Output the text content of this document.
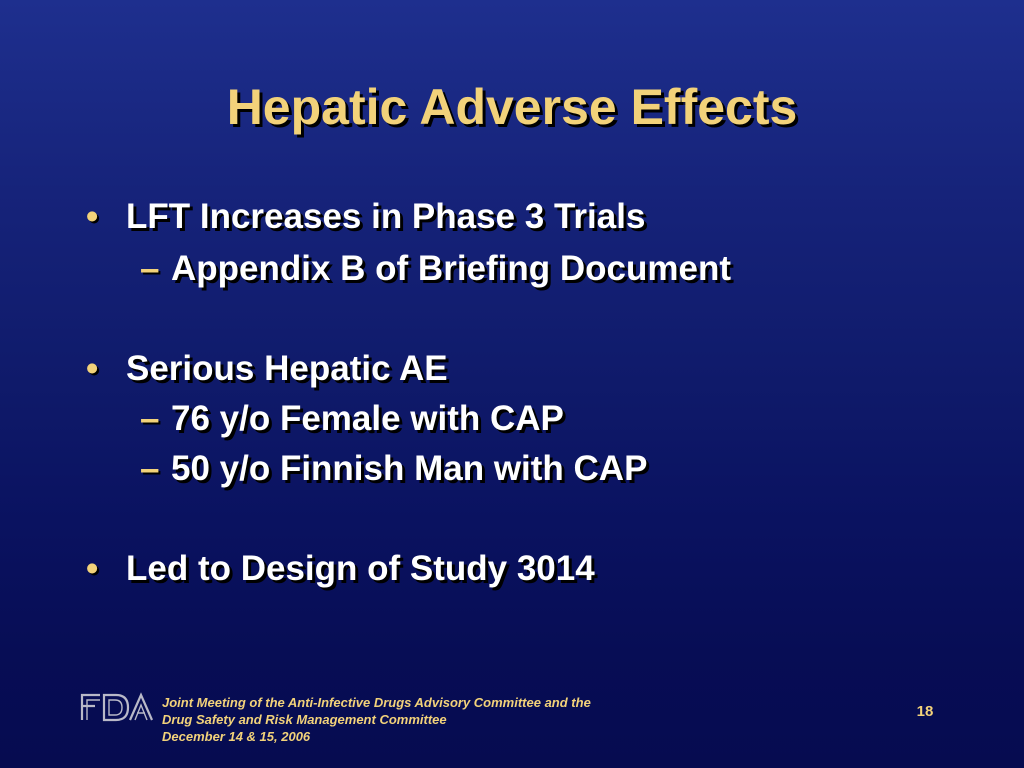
Hepatic Adverse Effects
• LFT Increases in Phase 3 Trials
– Appendix B of Briefing Document
• Serious Hepatic AE
– 76 y/o Female with CAP
– 50 y/o Finnish Man with CAP
• Led to Design of Study 3014
Joint Meeting of the Anti-Infective Drugs Advisory Committee and the
Drug Safety and Risk Management Committee
December 14 & 15, 2006
18
